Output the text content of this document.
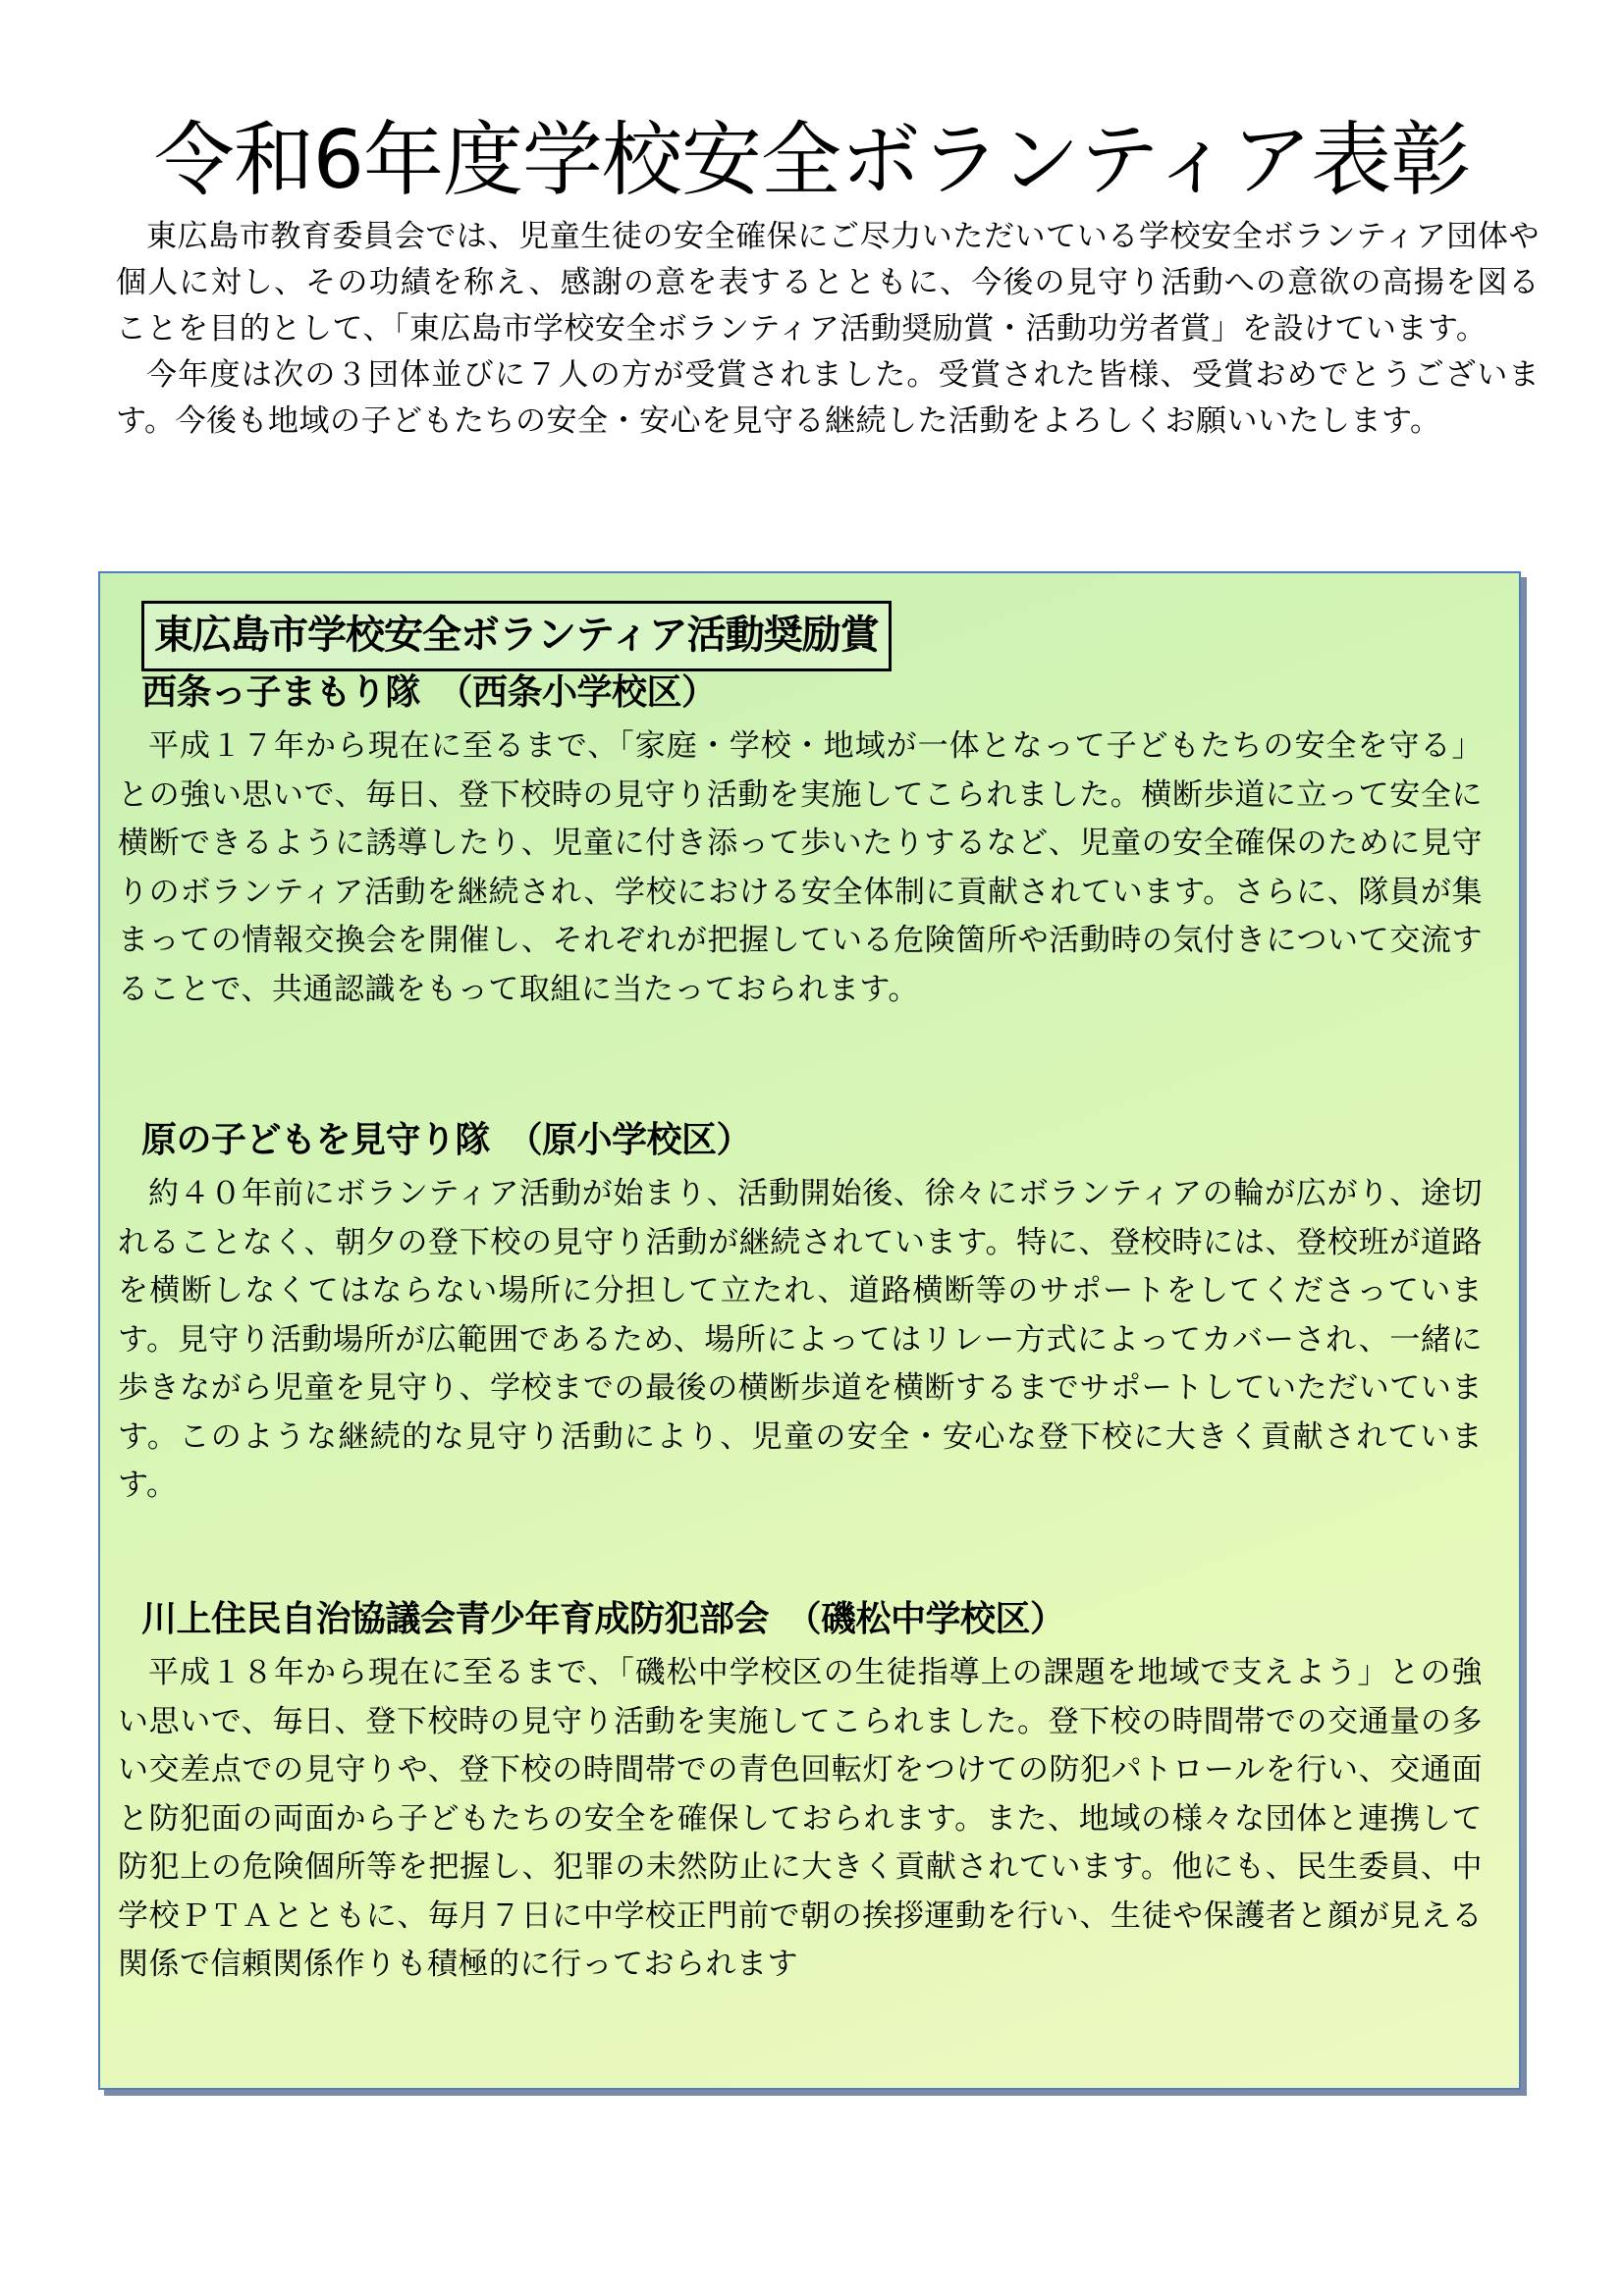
令和6年度学校安全ボランティア表彰

東広島市教育委員会では、児童生徒の安全確保にご尽力いただいている学校安全ボランティア団体や個人に対し、その功績を称え、感謝の意を表するとともに、今後の見守り活動への意欲の高揚を図ることを目的として、「東広島市学校安全ボランティア活動奨励賞・活動功労者賞」を設けています。

今年度は次の３団体並びに７人の方が受賞されました。受賞された皆様、受賞おめでとうございます。今後も地域の子どもたちの安全・安心を見守る継続した活動をよろしくお願いいたします。

東広島市学校安全ボランティア活動奨励賞
西条っ子まもり隊　（西条小学校区）

平成１７年から現在に至るまで、「家庭・学校・地域が一体となって子どもたちの安全を守る」との強い思いで、毎日、登下校時の見守り活動を実施してこられました。横断歩道に立って安全に横断できるように誘導したり、児童に付き添って歩いたりするなど、児童の安全確保のために見守りのボランティア活動を継続され、学校における安全体制に貢献されています。さらに、隊員が集まっての情報交換会を開催し、それぞれが把握している危険箇所や活動時の気付きについて交流することで、共通認識をもって取組に当たっておられます。

原の子どもを見守り隊　（原小学校区）

約４０年前にボランティア活動が始まり、活動開始後、徐々にボランティアの輪が広がり、途切れることなく、朝夕の登下校の見守り活動が継続されています。特に、登校時には、登校班が道路を横断しなくてはならない場所に分担して立たれ、道路横断等のサポートをしてくださっています。見守り活動場所が広範囲であるため、場所によってはリレー方式によってカバーされ、一緒に歩きながら児童を見守り、学校までの最後の横断歩道を横断するまでサポートしていただいています。このような継続的な見守り活動により、児童の安全・安心な登下校に大きく貢献されています。

川上住民自治協議会青少年育成防犯部会　（磯松中学校区）

平成１８年から現在に至るまで、「磯松中学校区の生徒指導上の課題を地域で支えよう」との強い思いで、毎日、登下校時の見守り活動を実施してこられました。登下校の時間帯での交通量の多い交差点での見守りや、登下校の時間帯での青色回転灯をつけての防犯パトロールを行い、交通面と防犯面の両面から子どもたちの安全を確保しておられます。また、地域の様々な団体と連携して防犯上の危険個所等を把握し、犯罪の未然防止に大きく貢献されています。他にも、民生委員、中学校ＰＴＡとともに、毎月７日に中学校正門前で朝の挨拶運動を行い、生徒や保護者と顔が見える関係で信頼関係作りも積極的に行っておられます
